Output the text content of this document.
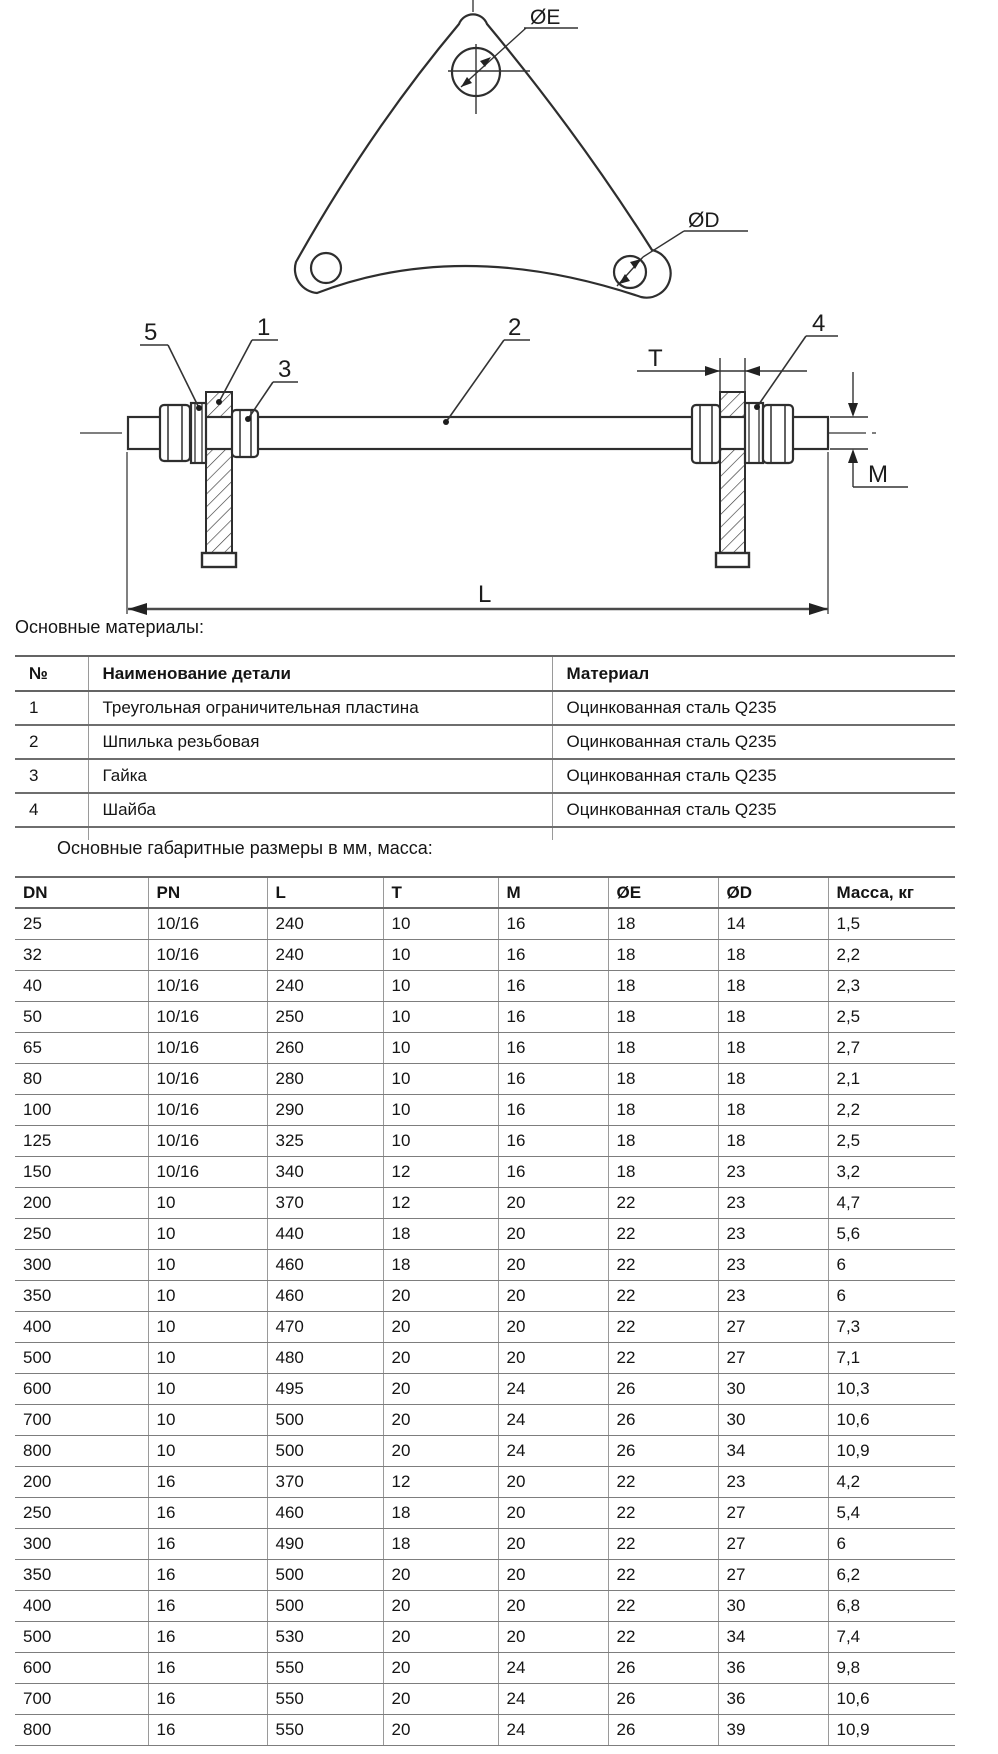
ØE
ØD
T
M
L
5	1
3
2	4
Основные материалы:
Основные габаритные размеры в мм, масса:
№	Наименование детали	Материал
1	Треугольная ограничительная пластина	Оцинкованная сталь Q235
2	Шпилька резьбовая	Оцинкованная сталь Q235
3	Гайка	Оцинкованная сталь Q235
4	Шайба	Оцинкованная сталь Q235

DN	PN	L	T	M	ØE	ØD	Масса, кг
25	10/16	240	10	16	18	14	1,5
32	10/16	240	10	16	18	18	2,2
40	10/16	240	10	16	18	18	2,3
50	10/16	250	10	16	18	18	2,5
65	10/16	260	10	16	18	18	2,7
80	10/16	280	10	16	18	18	2,1
100	10/16	290	10	16	18	18	2,2
125	10/16	325	10	16	18	18	2,5
150	10/16	340	12	16	18	23	3,2
200	10	370	12	20	22	23	4,7
250	10	440	18	20	22	23	5,6
300	10	460	18	20	22	23	6
350	10	460	20	20	22	23	6
400	10	470	20	20	22	27	7,3
500	10	480	20	20	22	27	7,1
600	10	495	20	24	26	30	10,3
700	10	500	20	24	26	30	10,6
800	10	500	20	24	26	34	10,9
200	16	370	12	20	22	23	4,2
250	16	460	18	20	22	27	5,4
300	16	490	18	20	22	27	6
350	16	500	20	20	22	27	6,2
400	16	500	20	20	22	30	6,8
500	16	530	20	20	22	34	7,4
600	16	550	20	24	26	36	9,8
700	16	550	20	24	26	36	10,6
800	16	550	20	24	26	39	10,9
